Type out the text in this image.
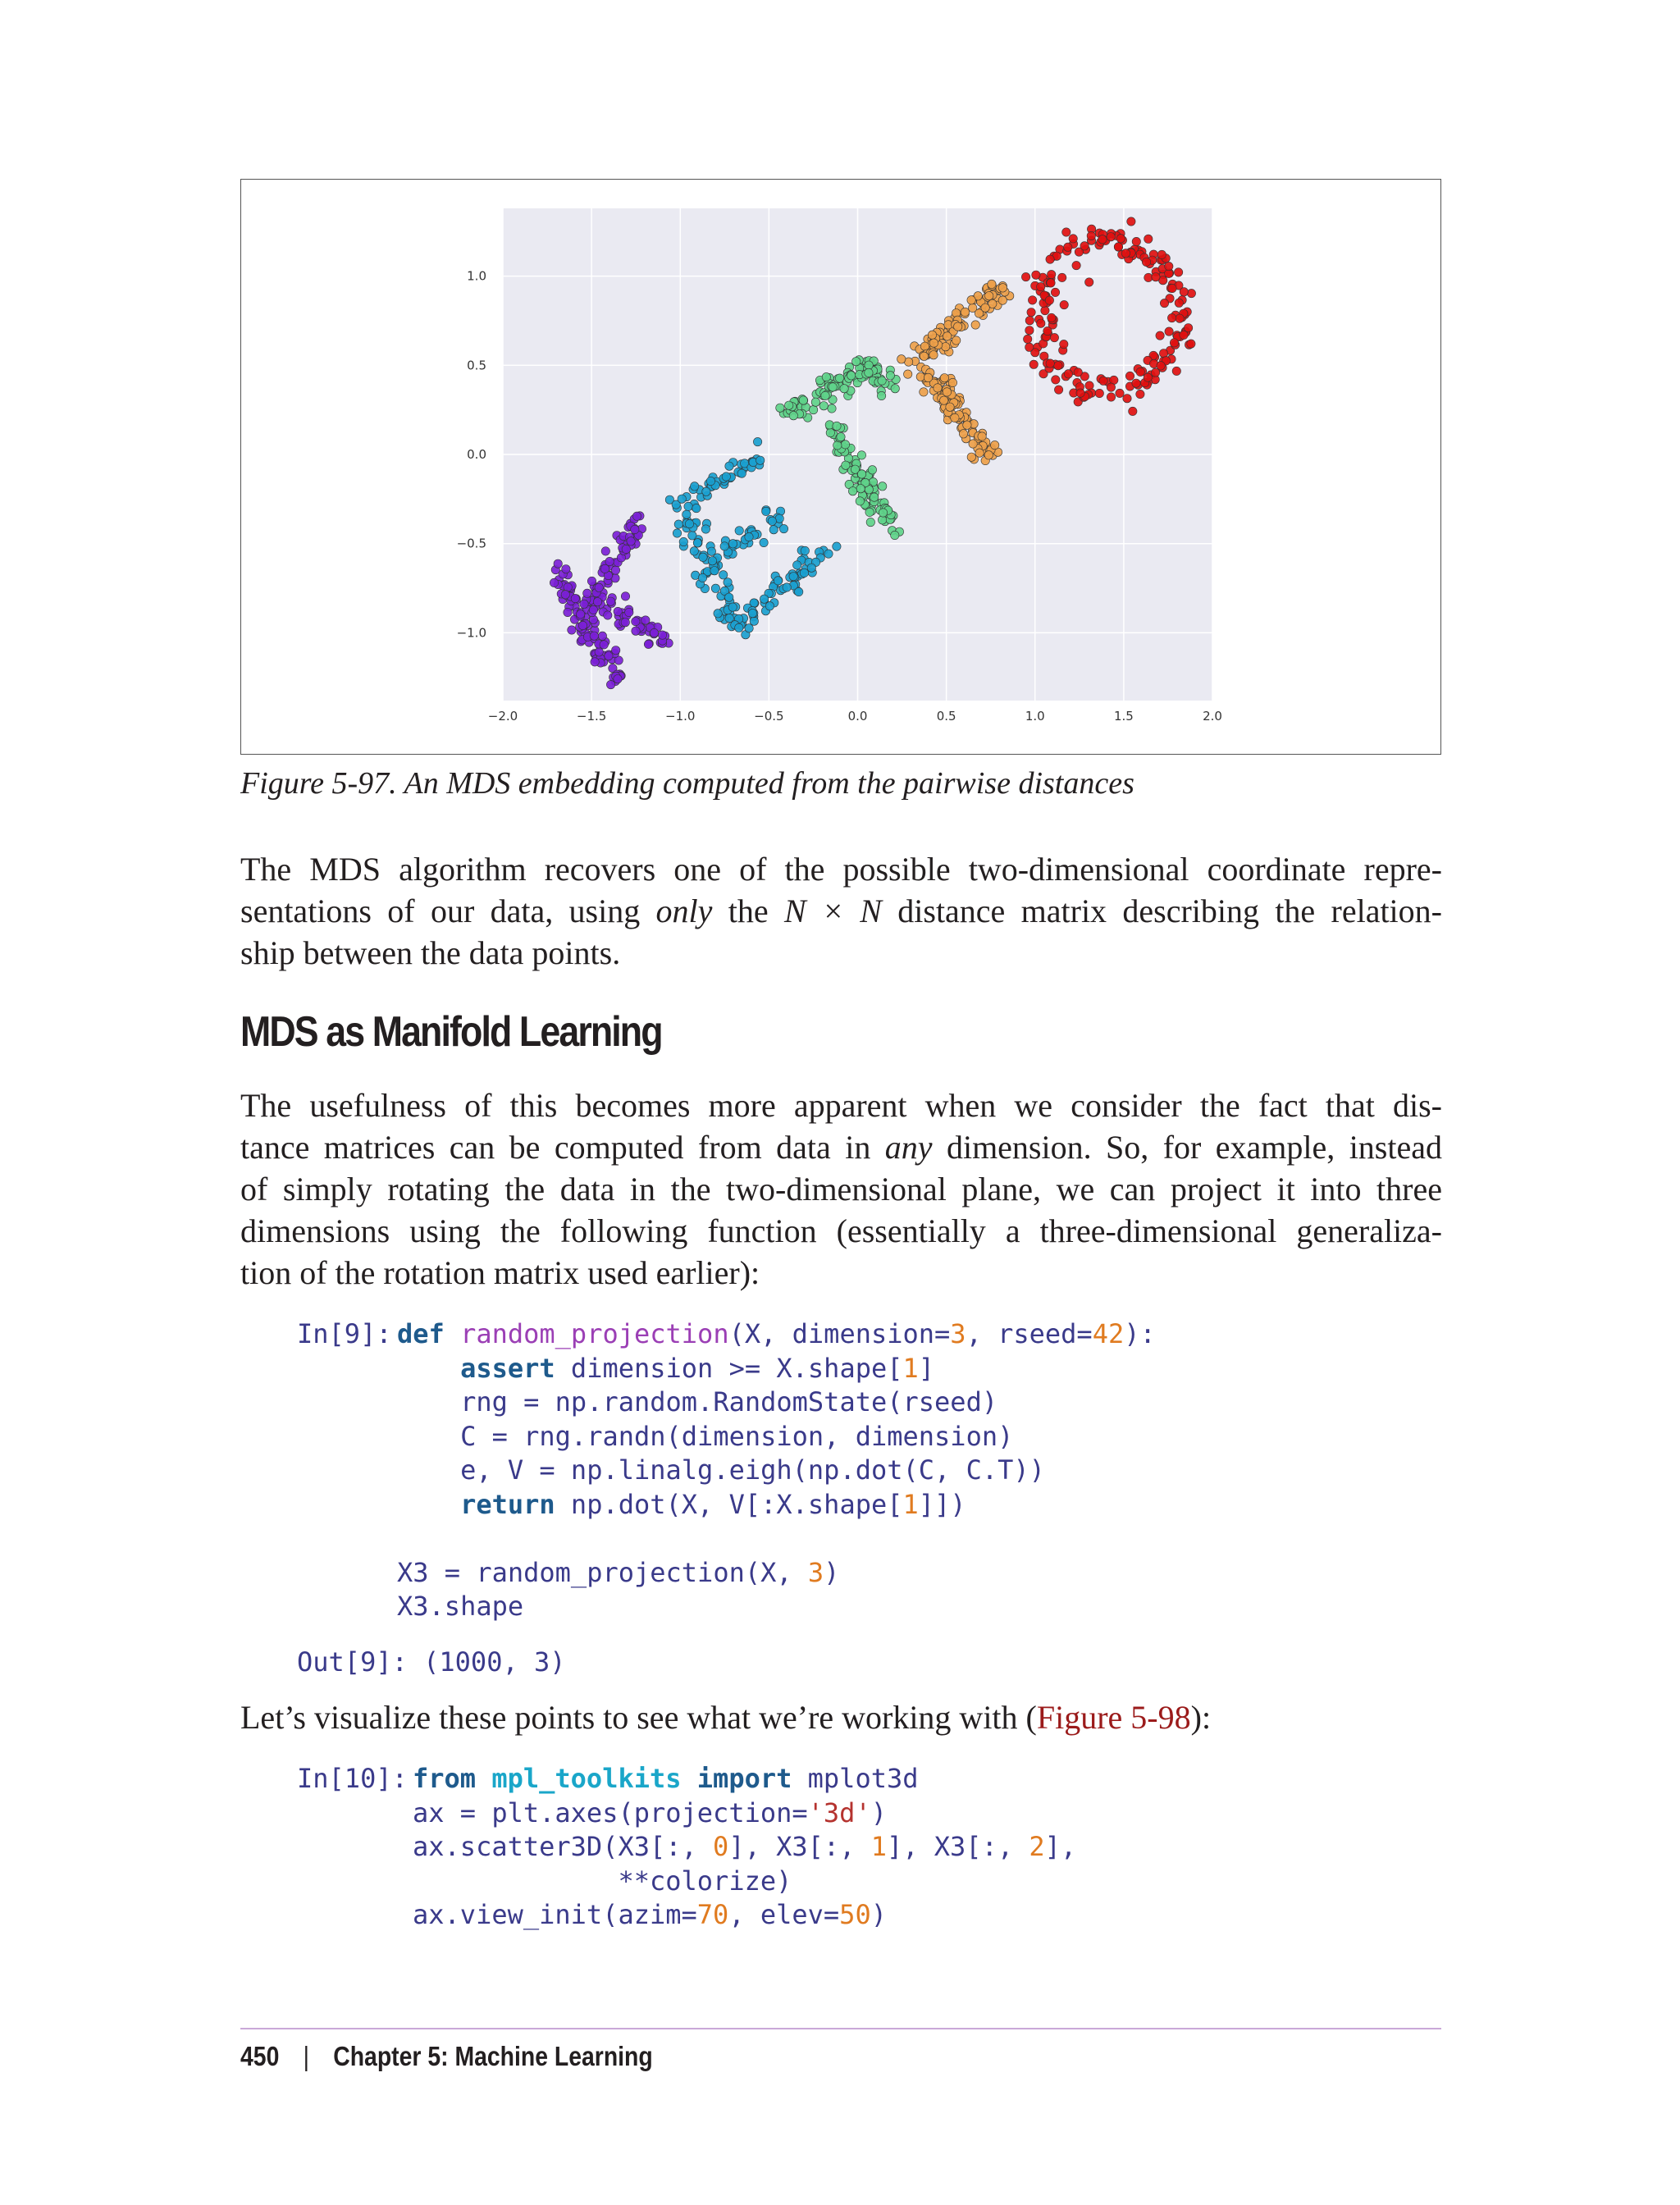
−2.0	−1.5	−1.0	−0.5	0.0	0.5	1.0	1.5	2.0
1.0
0.5
0.0
−0.5
−1.0
Figure 5-97. An MDS embedding computed from the pairwise distances

The MDS algorithm recovers one of the possible two-dimensional coordinate repre-
sentations of our data, using only the N × N distance matrix describing the relation-
ship between the data points.

MDS as Manifold Learning

The usefulness of this becomes more apparent when we consider the fact that dis-
tance matrices can be computed from data in any dimension. So, for example, instead
of simply rotating the data in the two-dimensional plane, we can project it into three
dimensions using the following function (essentially a three-dimensional generaliza-
tion of the rotation matrix used earlier):

In[9]: def random_projection(X, dimension=3, rseed=42):
assert dimension >= X.shape[1]
rng = np.random.RandomState(rseed)
C = rng.randn(dimension, dimension)
e, V = np.linalg.eigh(np.dot(C, C.T))
return np.dot(X, V[:X.shape[1]])

X3 = random_projection(X, 3)
X3.shape
Out[9]: (1000, 3)

Let’s visualize these points to see what we’re working with (Figure 5-98):

In[10]: from mpl_toolkits import mplot3d
ax = plt.axes(projection='3d')
ax.scatter3D(X3[:, 0], X3[:, 1], X3[:, 2],
**colorize)
ax.view_init(azim=70, elev=50)
450 | Chapter 5: Machine Learning
